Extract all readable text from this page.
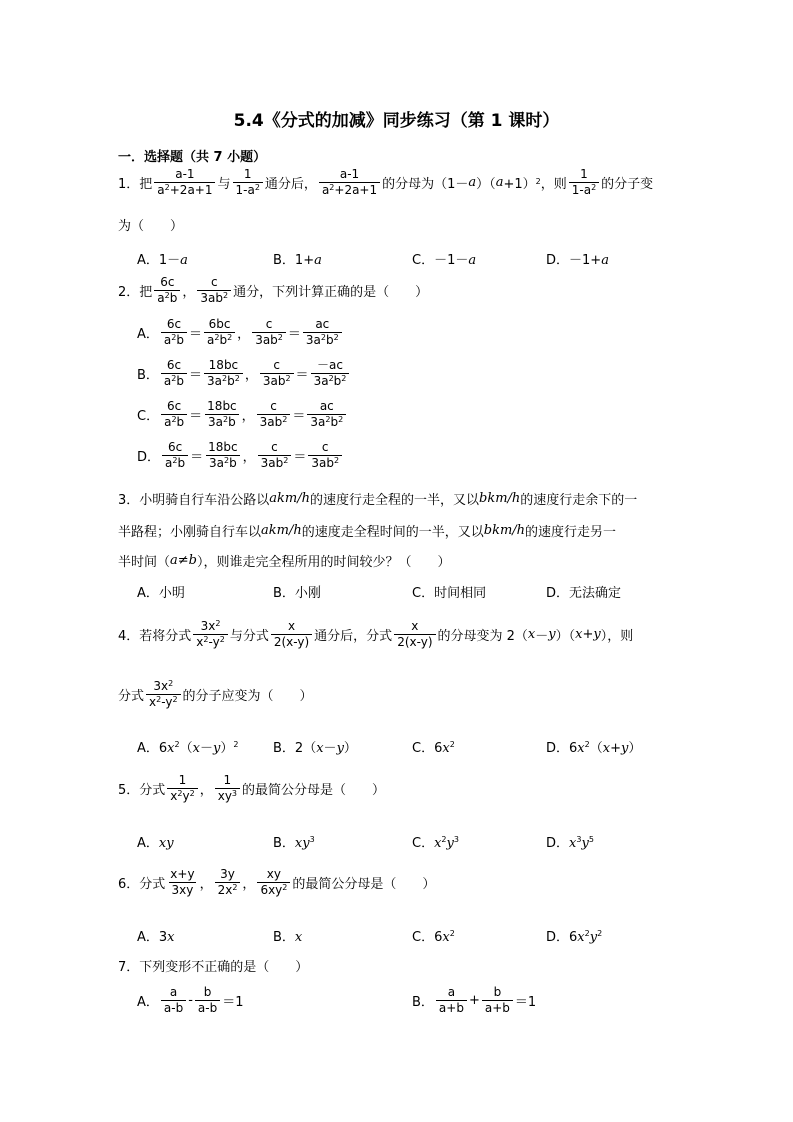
5.4《分式的加减》同步练习（第 1 课时）
一．选择题（共 7 小题）
1． 把 $\frac{a-1}{a^2+2a+1}$ 与 $\frac{1}{1-a^2}$ 通分后， $\frac{a-1}{a^2+2a+1}$ 的分母为（1－ a ）（ a +1） 2 ，则 $\frac{1}{1-a^2}$ 的分子变
为（　　）
A．1－a	B．1+a	C．－1－a	D．－1+a
2． 把 $\frac{6c}{a^2b}$ ， $\frac{c}{3ab^2}$ 通分，下列计算正确的是（　　）
A． $\frac{6c}{a^2b} = \frac{6bc}{a^2b^2}$ ， $\frac{c}{3ab^2} = \frac{ac}{3a^2b^2}$
B． $\frac{6c}{a^2b} = \frac{18bc}{3a^2b^2}$ ， $\frac{c}{3ab^2} = \frac{-ac}{3a^2b^2}$
C． $\frac{6c}{a^2b} = \frac{18bc}{3a^2b}$ ， $\frac{c}{3ab^2} = \frac{ac}{3a^2b^2}$
D． $\frac{6c}{a^2b} = \frac{18bc}{3a^2b}$ ， $\frac{c}{3ab^2} = \frac{c}{3ab^2}$
3．小明骑自行车沿公路以 akm/h 的速度行走全程的一半，又以 bkm/h 的速度行走余下的一
半路程；小刚骑自行车以 akm/h 的速度走全程时间的一半，又以 bkm/h 的速度行走另一
半时间（ a≠b ），则谁走完全程所用的时间较少？（　　）
A．小明	B．小刚	C．时间相同	D．无法确定
4． 若将分式 $\frac{3x^2}{x^2-y^2}$ 与分式 $\frac{x}{2(x-y)}$ 通分后，分式 $\frac{x}{2(x-y)}$ 的分母变为 2（ x － y ）（ x + y ），则
分式 $\frac{3x^2}{x^2-y^2}$ 的分子应变为（　　）
A．$6x^2(x-y)^2$	B．2（x－y）	C．$6x^2$	D．$6x^2(x+y)$
5． 分式 $\frac{1}{x^2y^2}$ ， $\frac{1}{xy^3}$ 的最简公分母是（　　）
A．xy	B．$xy^3$	C．$x^2y^3$	D．$x^3y^5$
6． 分式 $\frac{x+y}{3xy}$ ， $\frac{3y}{2x^2}$ ， $\frac{xy}{6xy^2}$ 的最简公分母是（　　）
A．3x	B．x	C．$6x^2$	D．$6x^2y^2$
7．下列变形不正确的是（　　）
A． $\frac{a}{a-b} - \frac{b}{a-b} =1$	B． $\frac{a}{a+b} + \frac{b}{a+b} =1$
